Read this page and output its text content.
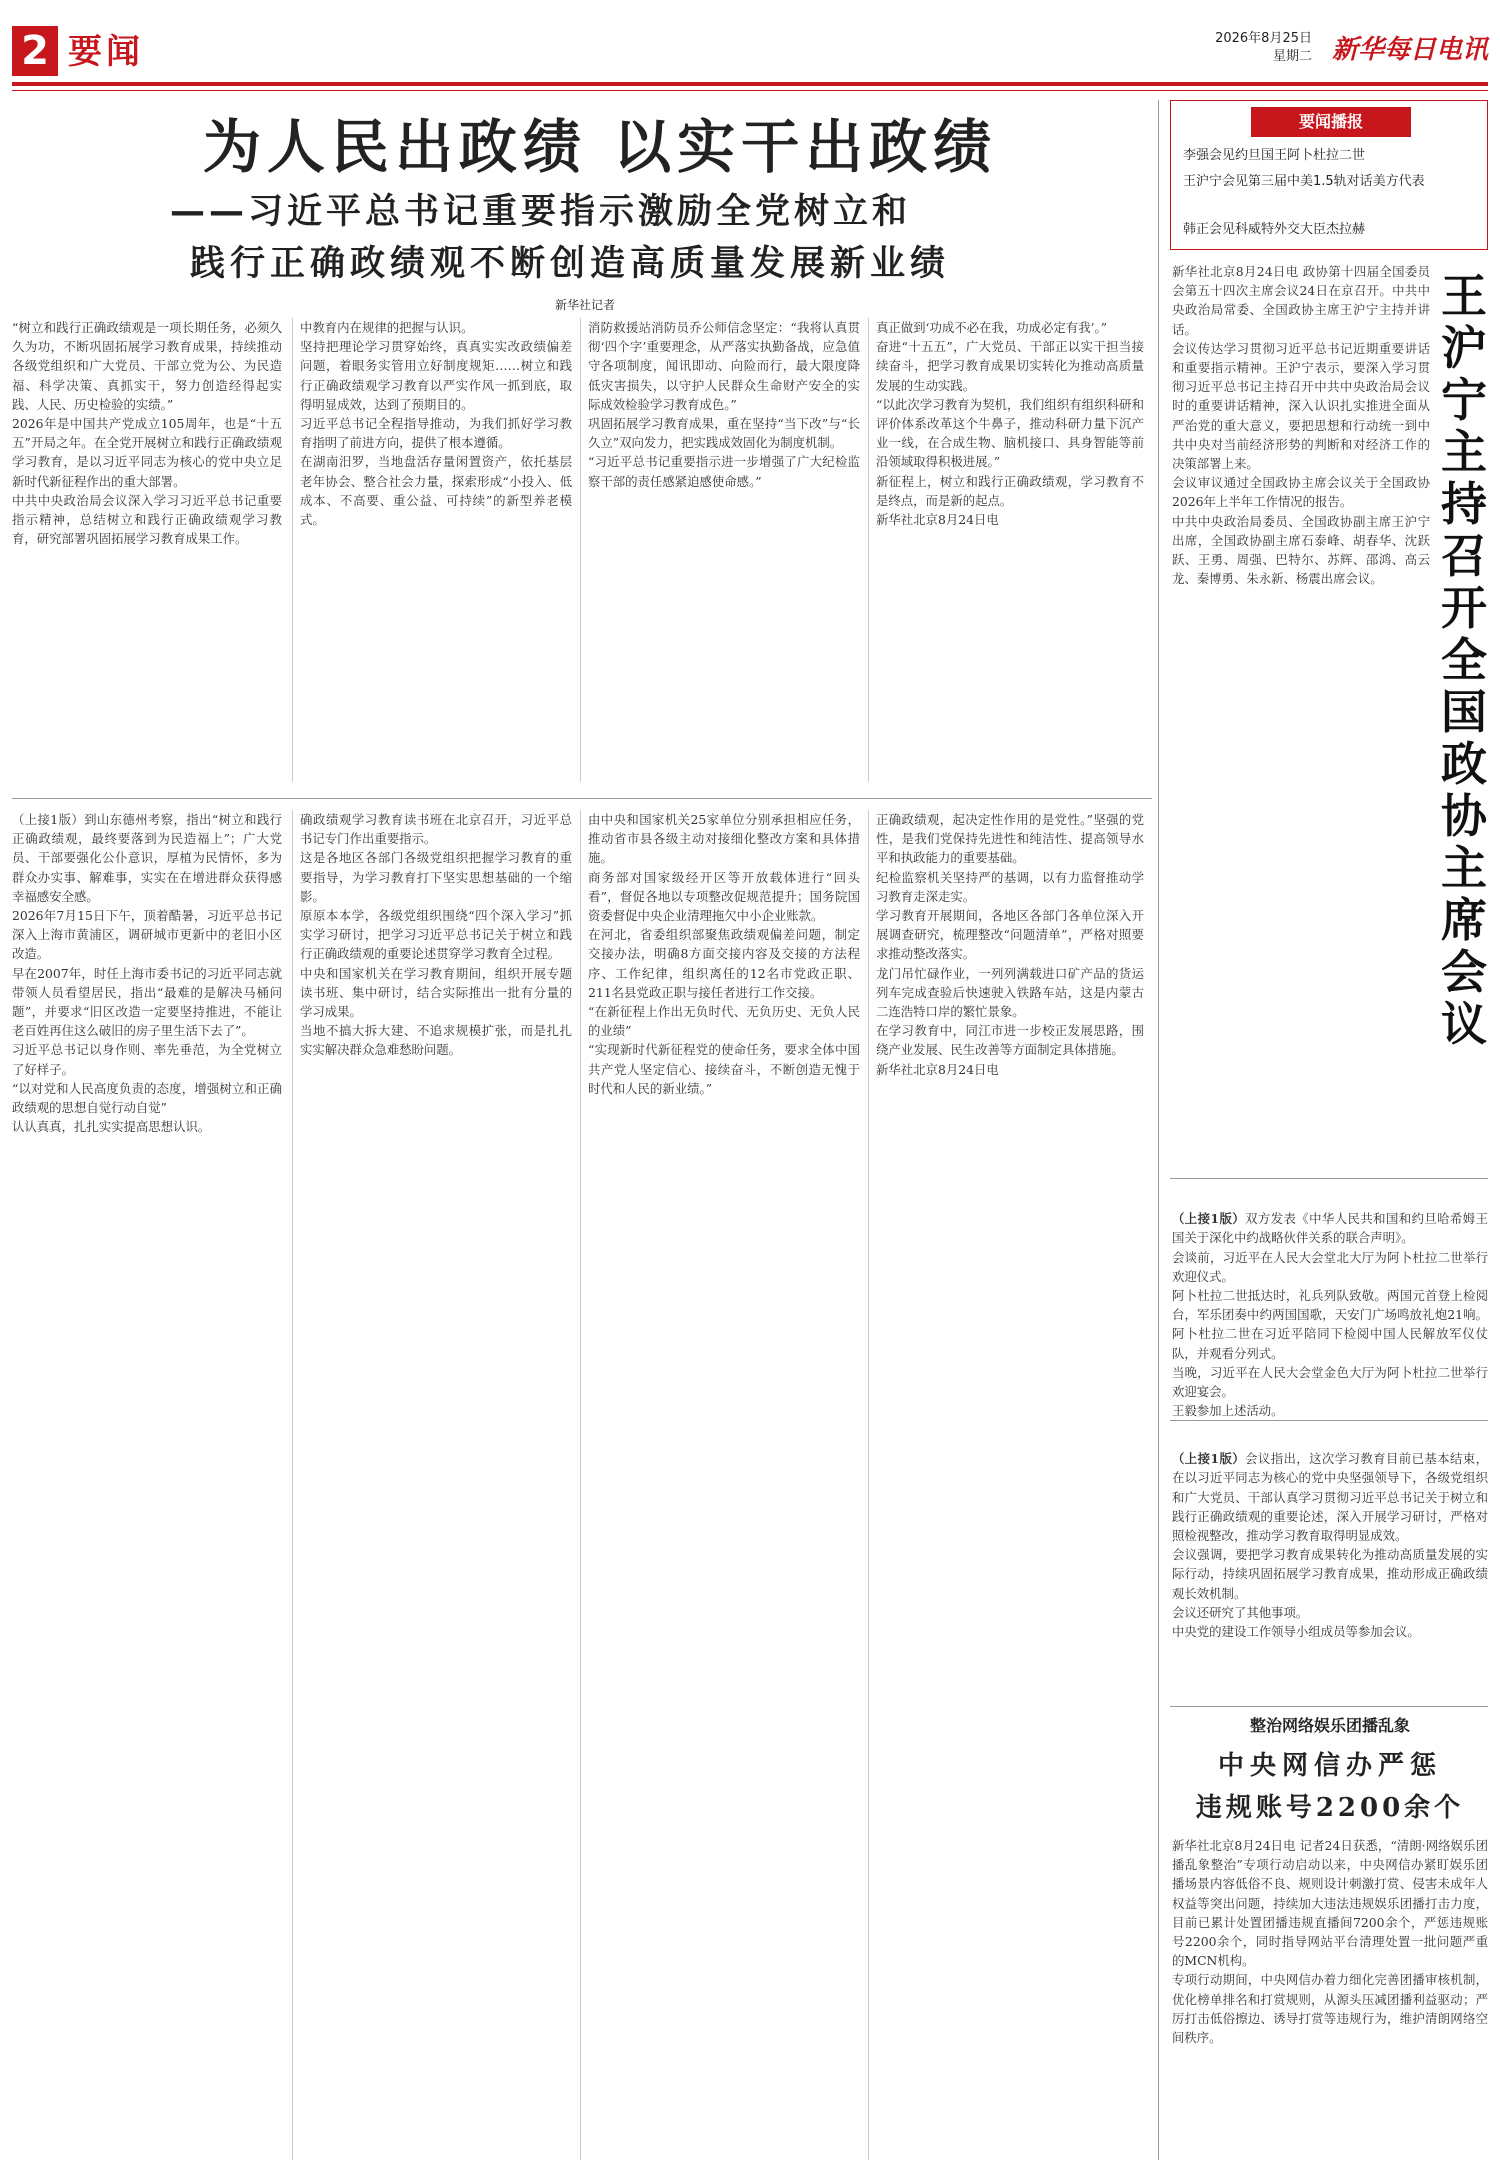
2 要闻	2026年8月25日
星期二 新华每日电讯
为人民出政绩 以实干出政绩
——习近平总书记重要指示激励全党树立和
践行正确政绩观不断创造高质量发展新业绩
新华社记者
“树立和践行正确政绩观是一项长期任务，必须久久为功，不断巩固拓展学习教育成果，持续推动各级党组织和广大党员、干部立党为公、为民造福、科学决策、真抓实干，努力创造经得起实践、人民、历史检验的实绩。”
2026年是中国共产党成立105周年，也是“十五五”开局之年。在全党开展树立和践行正确政绩观学习教育，是以习近平同志为核心的党中央立足新时代新征程作出的重大部署。
中共中央政治局会议深入学习习近平总书记重要指示精神，总结树立和践行正确政绩观学习教育，研究部署巩固拓展学习教育成果工作。
中教育内在规律的把握与认识。
坚持把理论学习贯穿始终，真真实实改政绩偏差问题，着眼务实管用立好制度规矩……树立和践行正确政绩观学习教育以严实作风一抓到底，取得明显成效，达到了预期目的。
习近平总书记全程指导推动，为我们抓好学习教育指明了前进方向，提供了根本遵循。
在湖南汨罗，当地盘活存量闲置资产，依托基层老年协会、整合社会力量，探索形成“小投入、低成本、不高要、重公益、可持续”的新型养老模式。
消防救援站消防员乔公师信念坚定：“我将认真贯彻‘四个字’重要理念，从严落实执勤备战，应急值守各项制度，闻讯即动、向险而行，最大限度降低灾害损失，以守护人民群众生命财产安全的实际成效检验学习教育成色。”
巩固拓展学习教育成果，重在坚持“当下改”与“长久立”双向发力，把实践成效固化为制度机制。
“习近平总书记重要指示进一步增强了广大纪检监察干部的责任感紧迫感使命感。”
真正做到‘功成不必在我，功成必定有我’。”
奋进“十五五”，广大党员、干部正以实干担当接续奋斗，把学习教育成果切实转化为推动高质量发展的生动实践。
“以此次学习教育为契机，我们组织有组织科研和评价体系改革这个牛鼻子，推动科研力量下沉产业一线，在合成生物、脑机接口、具身智能等前沿领域取得积极进展。”
新征程上，树立和践行正确政绩观，学习教育不是终点，而是新的起点。
新华社北京8月24日电
要闻播报
李强会见约旦国王阿卜杜拉二世
王沪宁会见第三届中美1.5轨对话美方代表
韩正会见科威特外交大臣杰拉赫
王沪宁主持召开全国政协主席会议
新华社北京8月24日电 政协第十四届全国委员会第五十四次主席会议24日在京召开。中共中央政治局常委、全国政协主席王沪宁主持并讲话。
会议传达学习贯彻习近平总书记近期重要讲话和重要指示精神。王沪宁表示，要深入学习贯彻习近平总书记主持召开中共中央政治局会议时的重要讲话精神，深入认识扎实推进全面从严治党的重大意义，要把思想和行动统一到中共中央对当前经济形势的判断和对经济工作的决策部署上来。
会议审议通过全国政协主席会议关于全国政协2026年上半年工作情况的报告。
中共中央政治局委员、全国政协副主席王沪宁出席，全国政协副主席石泰峰、胡春华、沈跃跃、王勇、周强、巴特尔、苏辉、邵鸿、高云龙、秦博勇、朱永新、杨震出席会议。

（上接1版）双方发表《中华人民共和国和约旦哈希姆王国关于深化中约战略伙伴关系的联合声明》。
会谈前，习近平在人民大会堂北大厅为阿卜杜拉二世举行欢迎仪式。
阿卜杜拉二世抵达时，礼兵列队致敬。两国元首登上检阅台，军乐团奏中约两国国歌，天安门广场鸣放礼炮21响。阿卜杜拉二世在习近平陪同下检阅中国人民解放军仪仗队，并观看分列式。
当晚，习近平在人民大会堂金色大厅为阿卜杜拉二世举行欢迎宴会。
王毅参加上述活动。

（上接1版）会议指出，这次学习教育目前已基本结束，在以习近平同志为核心的党中央坚强领导下，各级党组织和广大党员、干部认真学习贯彻习近平总书记关于树立和践行正确政绩观的重要论述，深入开展学习研讨，严格对照检视整改，推动学习教育取得明显成效。
会议强调，要把学习教育成果转化为推动高质量发展的实际行动，持续巩固拓展学习教育成果，推动形成正确政绩观长效机制。
会议还研究了其他事项。
中央党的建设工作领导小组成员等参加会议。

整治网络娱乐团播乱象
中央网信办严惩
违规账号2200余个
新华社北京8月24日电 记者24日获悉，“清朗·网络娱乐团播乱象整治”专项行动启动以来，中央网信办紧盯娱乐团播场景内容低俗不良、规则设计刺激打赏、侵害未成年人权益等突出问题，持续加大违法违规娱乐团播打击力度，目前已累计处置团播违规直播间7200余个，严惩违规账号2200余个，同时指导网站平台清理处置一批问题严重的MCN机构。
专项行动期间，中央网信办着力细化完善团播审核机制，优化榜单排名和打赏规则，从源头压减团播利益驱动；严厉打击低俗擦边、诱导打赏等违规行为，维护清朗网络空间秩序。
（上接1版）到山东德州考察，指出“树立和践行正确政绩观，最终要落到为民造福上”；广大党员、干部要强化公仆意识，厚植为民情怀，多为群众办实事、解难事，实实在在增进群众获得感幸福感安全感。
2026年7月15日下午，顶着酷暑，习近平总书记深入上海市黄浦区，调研城市更新中的老旧小区改造。
早在2007年，时任上海市委书记的习近平同志就带领人员看望居民，指出“最难的是解决马桶问题”，并要求“旧区改造一定要坚持推进，不能让老百姓再住这么破旧的房子里生活下去了”。
习近平总书记以身作则、率先垂范，为全党树立了好样子。
“以对党和人民高度负责的态度，增强树立和正确政绩观的思想自觉行动自觉”
认认真真，扎扎实实提高思想认识。
确政绩观学习教育读书班在北京召开，习近平总书记专门作出重要指示。
这是各地区各部门各级党组织把握学习教育的重要指导，为学习教育打下坚实思想基础的一个缩影。
原原本本学，各级党组织围绕“四个深入学习”抓实学习研讨，把学习习近平总书记关于树立和践行正确政绩观的重要论述贯穿学习教育全过程。
中央和国家机关在学习教育期间，组织开展专题读书班、集中研讨，结合实际推出一批有分量的学习成果。
当地不搞大拆大建、不追求规模扩张，而是扎扎实实解决群众急难愁盼问题。
由中央和国家机关25家单位分别承担相应任务，推动省市县各级主动对接细化整改方案和具体措施。
商务部对国家级经开区等开放载体进行“回头看”，督促各地以专项整改促规范提升；国务院国资委督促中央企业清理拖欠中小企业账款。
在河北，省委组织部聚焦政绩观偏差问题，制定交接办法，明确8方面交接内容及交接的方法程序、工作纪律，组织离任的12名市党政正职、211名县党政正职与接任者进行工作交接。
“在新征程上作出无负时代、无负历史、无负人民的业绩”
“实现新时代新征程党的使命任务，要求全体中国共产党人坚定信心、接续奋斗，不断创造无愧于时代和人民的新业绩。”
正确政绩观，起决定性作用的是党性。”坚强的党性，是我们党保持先进性和纯洁性、提高领导水平和执政能力的重要基础。
纪检监察机关坚持严的基调，以有力监督推动学习教育走深走实。
学习教育开展期间，各地区各部门各单位深入开展调查研究，梳理整改“问题清单”，严格对照要求推动整改落实。
龙门吊忙碌作业，一列列满载进口矿产品的货运列车完成查验后快速驶入铁路车站，这是内蒙古二连浩特口岸的繁忙景象。
在学习教育中，同江市进一步校正发展思路，围绕产业发展、民生改善等方面制定具体措施。
新华社北京8月24日电
